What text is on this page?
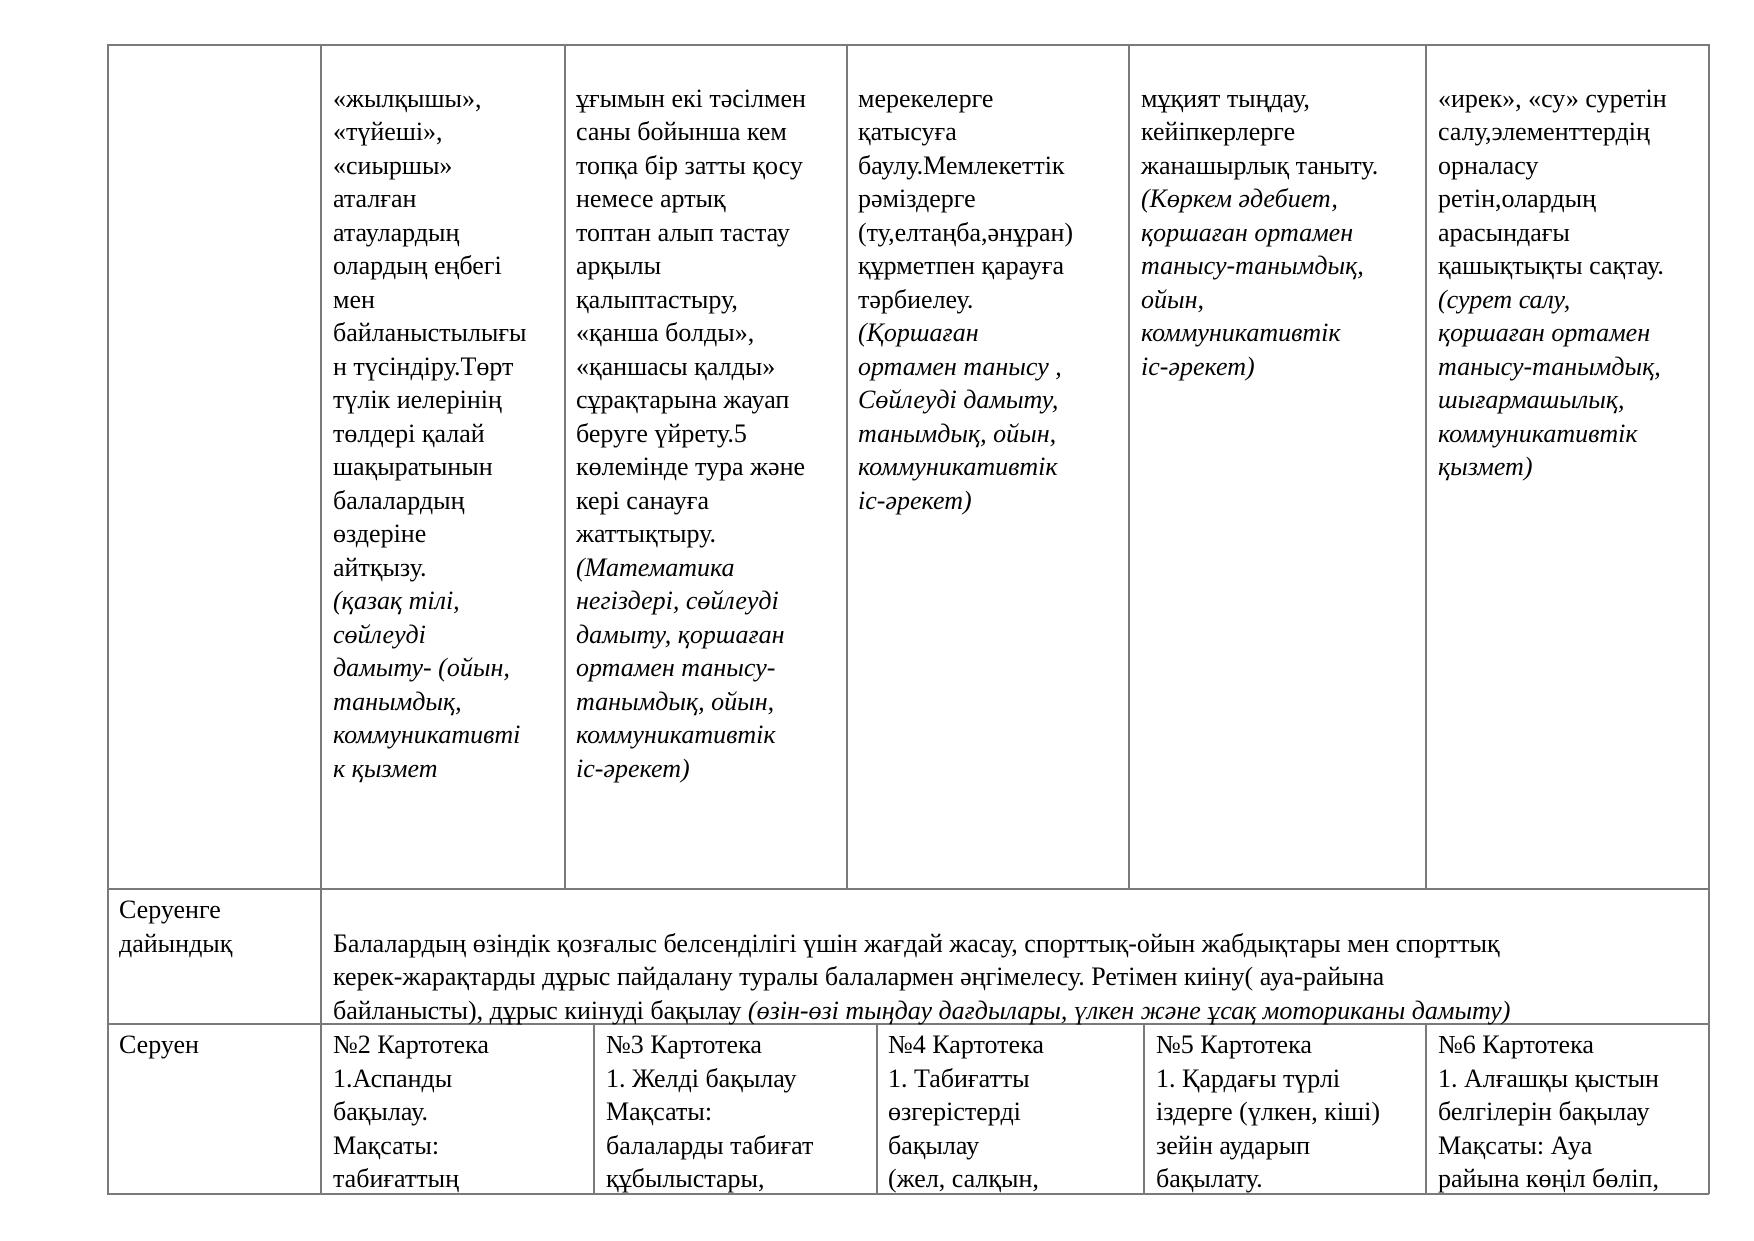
«жылқышы»,
«түйеші»,
«сиыршы»
аталған
атаулардың
олардың еңбегі
мен
байланыстылығы
н түсіндіру.Төрт
түлік иелерінің
төлдері қалай
шақыратынын
балалардың
өздеріне
айтқызу.
(қазақ тілі,
сөйлеуді
дамыту- (ойын,
танымдық,
коммуникативті
к қызмет

ұғымын екі тәсілмен
саны бойынша кем
топқа бір затты қосу
немесе артық
топтан алып тастау
арқылы
қалыптастыру,
«қанша болды»,
«қаншасы қалды»
сұрақтарына жауап
беруге үйрету.5
көлемінде тура және
кері санауға
жаттықтыру.
(Математика
негіздері, сөйлеуді
дамыту, қоршаған
ортамен танысу-
танымдық, ойын,
коммуникативтік
іс-әрекет)

мерекелерге
қатысуға
баулу.Мемлекеттік
рәміздерге
(ту,елтаңба,әнұран)
құрметпен қарауға
тәрбиелеу.
(Қоршаған
ортамен танысу ,
Сөйлеуді дамыту,
танымдық, ойын,
коммуникативтік
іс-әрекет)

мұқият тыңдау,
кейіпкерлерге
жанашырлық таныту.
(Көркем әдебиет,
қоршаған ортамен
танысу-танымдық,
ойын,
коммуникативтік
іс-әрекет)

«ирек», «су» суретін
салу,элементтердің
орналасу
ретін,олардың
арасындағы
қашықтықты сақтау.
(сурет салу,
қоршаған ортамен
танысу-танымдық,
шығармашылық,
коммуникативтік
қызмет)

Серуенге
дайындық	Балалардың өзіндік қозғалыс белсенділігі үшін жағдай жасау, спорттық-ойын жабдықтары мен спорттық
керек-жарақтарды дұрыс пайдалану туралы балалармен әңгімелесу. Ретімен киіну( ауа-райына
байланысты), дұрыс киінуді бақылау (өзін-өзі тыңдау дағдылары, үлкен және ұсақ моториканы дамыту)

Серуен	№2 Картотека
1.Аспанды
бақылау.
Мақсаты:
табиғаттың
№3 Картотека
1. Желді бақылау
Мақсаты:
балаларды табиғат
құбылыстары,
№4 Картотека
1. Табиғатты
өзгерістерді
бақылау
(жел, салқын,
№5 Картотека
1. Қардағы түрлі
іздерге (үлкен, кіші)
зейін аударып
бақылату.
№6 Картотека
1. Алғашқы қыстын
белгілерін бақылау
Мақсаты: Ауа
райына көңіл бөліп,
